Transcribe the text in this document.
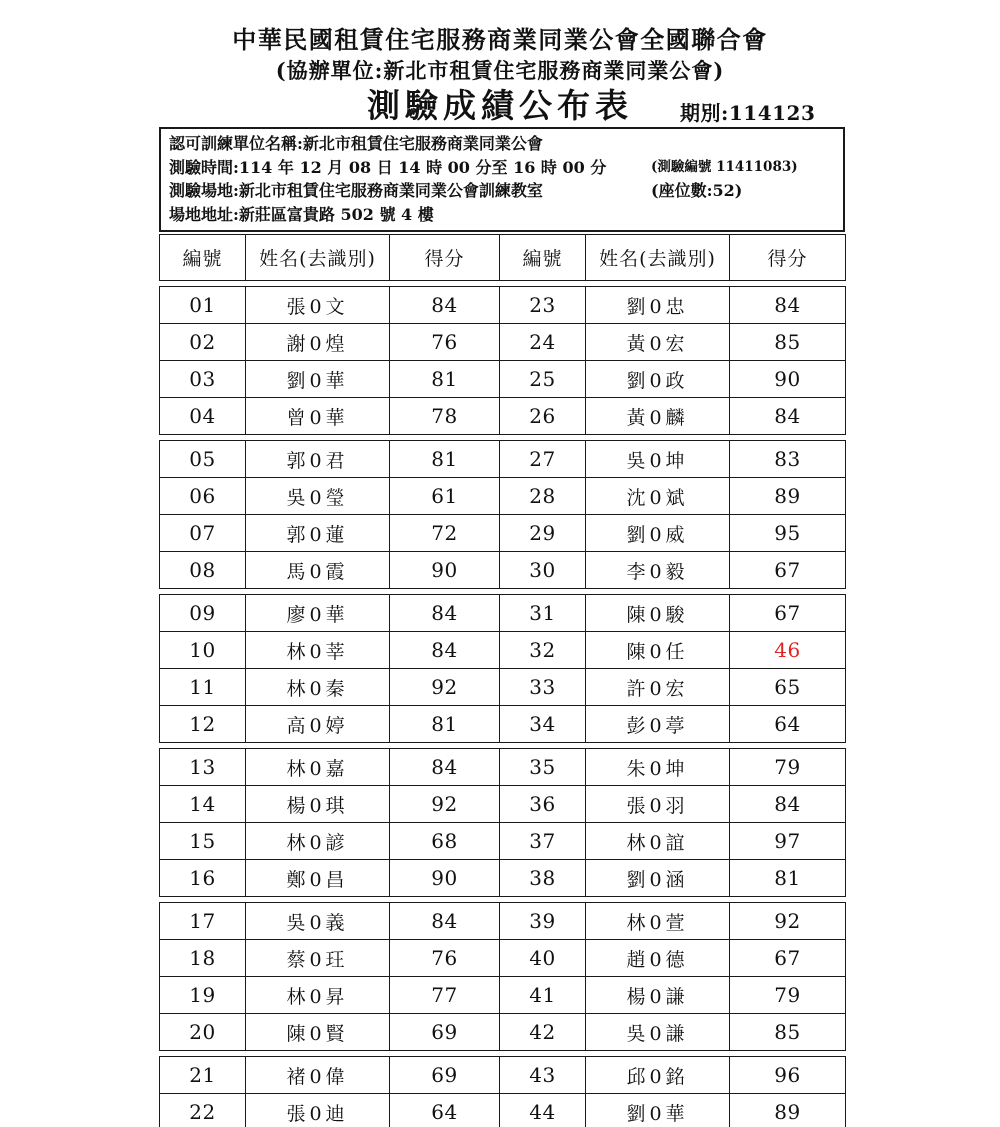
中華民國租賃住宅服務商業同業公會全國聯合會
(協辦單位:新北市租賃住宅服務商業同業公會)
測驗成績公布表 期別:114123
認可訓練單位名稱:新北市租賃住宅服務商業同業公會
測驗時間:114 年 12 月 08 日 14 時 00 分至 16 時 00 分	(測驗編號 11411083)
測驗場地:新北市租賃住宅服務商業同業公會訓練教室	(座位數:52)
場地地址:新莊區富貴路 502 號 4 樓
編號	姓名(去識別)	得分	編號	姓名(去識別)	得分
01	張0文	84	23	劉0忠	84
02	謝0煌	76	24	黃0宏	85
03	劉0華	81	25	劉0政	90
04	曾0華	78	26	黃0麟	84
05	郭0君	81	27	吳0坤	83
06	吳0瑩	61	28	沈0斌	89
07	郭0蓮	72	29	劉0威	95
08	馬0霞	90	30	李0毅	67
09	廖0華	84	31	陳0駿	67
10	林0莘	84	32	陳0任	46
11	林0秦	92	33	許0宏	65
12	高0婷	81	34	彭0葶	64
13	林0嘉	84	35	朱0坤	79
14	楊0琪	92	36	張0羽	84
15	林0諺	68	37	林0誼	97
16	鄭0昌	90	38	劉0涵	81
17	吳0義	84	39	林0萱	92
18	蔡0玨	76	40	趙0德	67
19	林0昇	77	41	楊0謙	79
20	陳0賢	69	42	吳0謙	85
21	褚0偉	69	43	邱0銘	96
22	張0迪	64	44	劉0華	89
